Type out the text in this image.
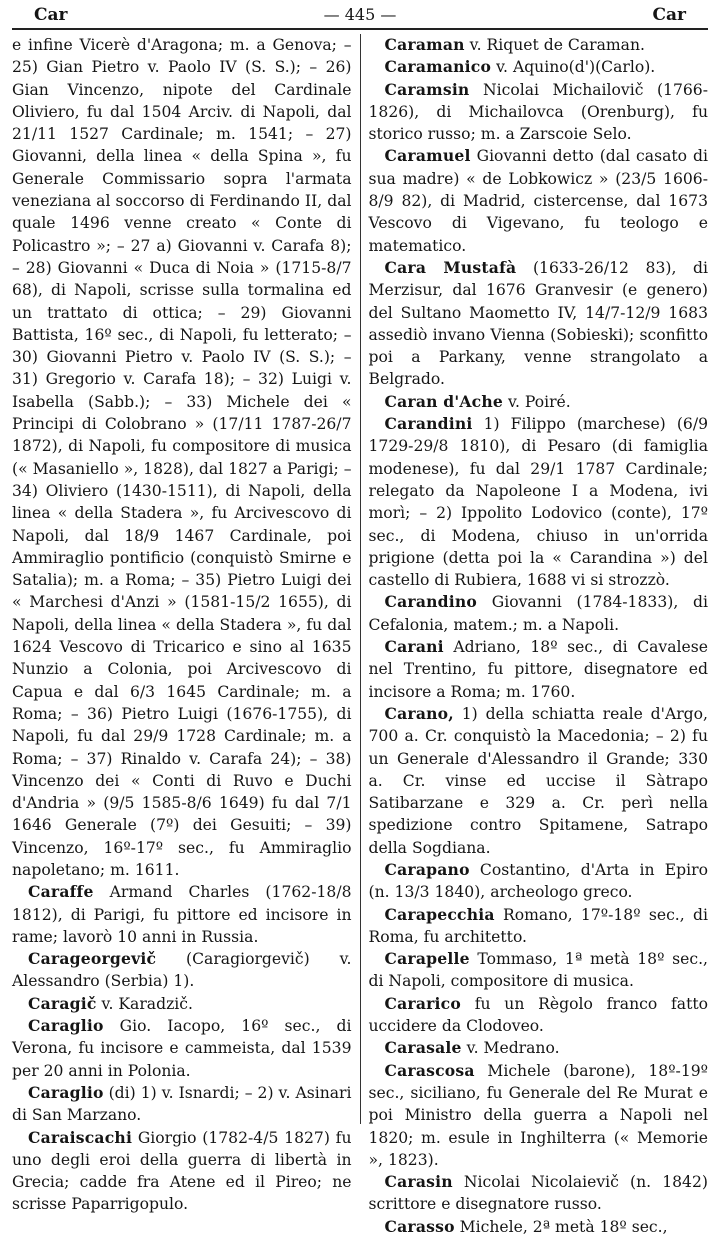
Car	— 445 —	Car

e infine Vicerè d'Aragona; m. a Genova; – 25) Gian Pietro v. Paolo IV (S. S.); – 26) Gian Vincenzo, nipote del Cardinale Oliviero, fu dal 1504 Arciv. di Napoli, dal 21/11 1527 Cardinale; m. 1541; – 27) Giovanni, della linea « della Spina », fu Generale Commissario sopra l'armata veneziana al soccorso di Ferdinando II, dal quale 1496 venne creato « Conte di Policastro »; – 27 a) Giovanni v. Carafa 8); – 28) Giovanni « Duca di Noia » (1715-8/7 68), di Napoli, scrisse sulla tormalina ed un trattato di ottica; – 29) Giovanni Battista, 16º sec., di Napoli, fu letterato; – 30) Giovanni Pietro v. Paolo IV (S. S.); – 31) Gregorio v. Carafa 18); – 32) Luigi v. Isabella (Sabb.); – 33) Michele dei « Principi di Colobrano » (17/11 1787-26/7 1872), di Napoli, fu compositore di musica (« Masaniello », 1828), dal 1827 a Parigi; – 34) Oliviero (1430-1511), di Napoli, della linea « della Stadera », fu Arcivescovo di Napoli, dal 18/9 1467 Cardinale, poi Ammiraglio pontificio (conquistò Smirne e Satalia); m. a Roma; – 35) Pietro Luigi dei « Marchesi d'Anzi » (1581-15/2 1655), di Napoli, della linea « della Stadera », fu dal 1624 Vescovo di Tricarico e sino al 1635 Nunzio a Colonia, poi Arcivescovo di Capua e dal 6/3 1645 Cardinale; m. a Roma; – 36) Pietro Luigi (1676-1755), di Napoli, fu dal 29/9 1728 Cardinale; m. a Roma; – 37) Rinaldo v. Carafa 24); – 38) Vincenzo dei « Conti di Ruvo e Duchi d'Andria » (9/5 1585-8/6 1649) fu dal 7/1 1646 Generale (7º) dei Gesuiti; – 39) Vincenzo, 16º-17º sec., fu Ammiraglio napoletano; m. 1611.

Caraffe Armand Charles (1762-18/8 1812), di Parigi, fu pittore ed incisore in rame; lavorò 10 anni in Russia.

Carageorgevič (Caragiorgevič) v. Alessandro (Serbia) 1).

Caragič v. Karadzič.

Caraglio Gio. Iacopo, 16º sec., di Verona, fu incisore e cammeista, dal 1539 per 20 anni in Polonia.

Caraglio (di) 1) v. Isnardi; – 2) v. Asinari di San Marzano.

Caraiscachi Giorgio (1782-4/5 1827) fu uno degli eroi della guerra di libertà in Grecia; cadde fra Atene ed il Pireo; ne scrisse Paparrigopulo.

Caraman v. Riquet de Caraman.

Caramanico v. Aquino(d')(Carlo).

Caramsin Nicolai Michailovič (1766-1826), di Michailovca (Orenburg), fu storico russo; m. a Zarscoie Selo.

Caramuel Giovanni detto (dal casato di sua madre) « de Lobkowicz » (23/5 1606-8/9 82), di Madrid, cistercense, dal 1673 Vescovo di Vigevano, fu teologo e matematico.

Cara Mustafà (1633-26/12 83), di Merzisur, dal 1676 Granvesir (e genero) del Sultano Maometto IV, 14/7-12/9 1683 assediò invano Vienna (Sobieski); sconfitto poi a Parkany, venne strangolato a Belgrado.

Caran d'Ache v. Poiré.

Carandini 1) Filippo (marchese) (6/9 1729-29/8 1810), di Pesaro (di famiglia modenese), fu dal 29/1 1787 Cardinale; relegato da Napoleone I a Modena, ivi morì; – 2) Ippolito Lodovico (conte), 17º sec., di Modena, chiuso in un'orrida prigione (detta poi la « Carandina ») del castello di Rubiera, 1688 vi si strozzò.

Carandino Giovanni (1784-1833), di Cefalonia, matem.; m. a Napoli.

Carani Adriano, 18º sec., di Cavalese nel Trentino, fu pittore, disegnatore ed incisore a Roma; m. 1760.

Carano, 1) della schiatta reale d'Argo, 700 a. Cr. conquistò la Macedonia; – 2) fu un Generale d'Alessandro il Grande; 330 a. Cr. vinse ed uccise il Sàtrapo Satibarzane e 329 a. Cr. perì nella spedizione contro Spitamene, Satrapo della Sogdiana.

Carapano Costantino, d'Arta in Epiro (n. 13/3 1840), archeologo greco.

Carapecchia Romano, 17º-18º sec., di Roma, fu architetto.

Carapelle Tommaso, 1ª metà 18º sec., di Napoli, compositore di musica.

Cararico fu un Règolo franco fatto uccidere da Clodoveo.

Carasale v. Medrano.

Carascosa Michele (barone), 18º-19º sec., siciliano, fu Generale del Re Murat e poi Ministro della guerra a Napoli nel 1820; m. esule in Inghilterra (« Memorie », 1823).

Carasin Nicolai Nicolaievič (n. 1842) scrittore e disegnatore russo.

Carasso Michele, 2ª metà 18º sec.,
